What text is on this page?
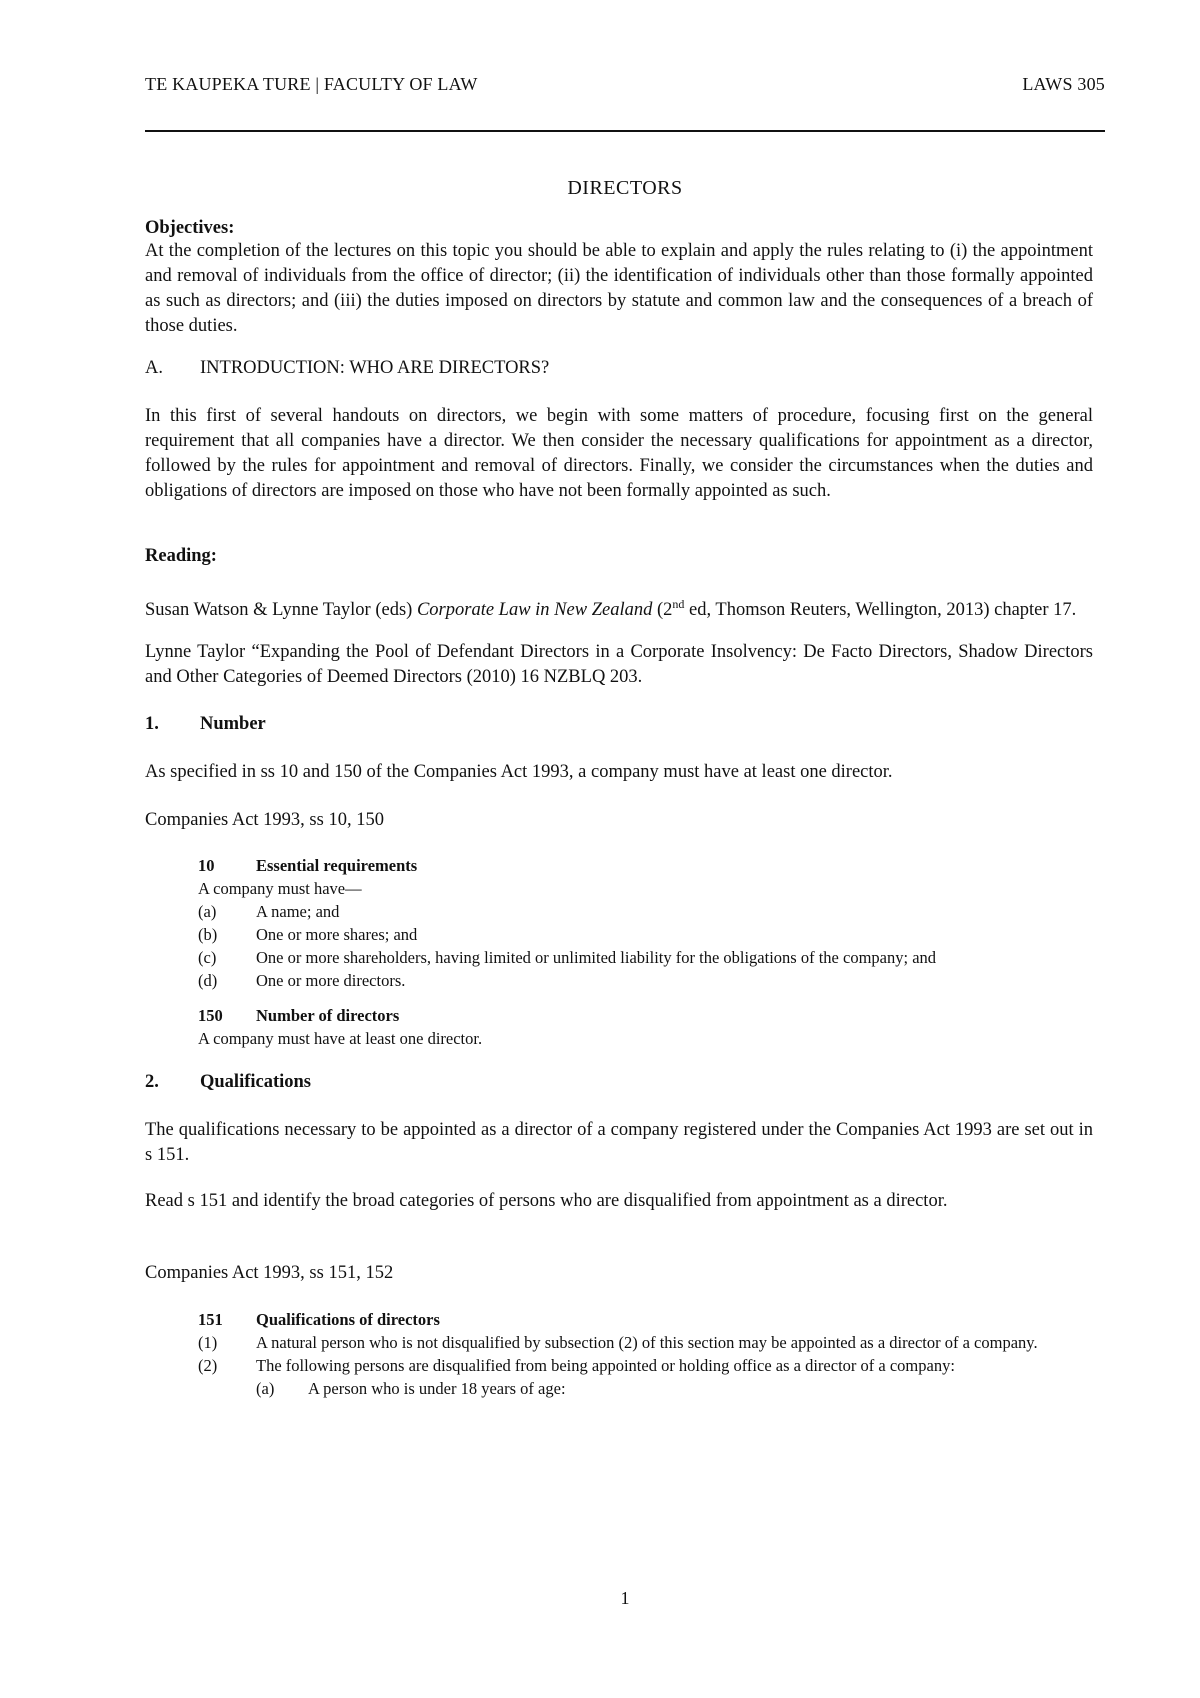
TE KAUPEKA TURE | FACULTY OF LAW	LAWS 305
DIRECTORS
Objectives:
At the completion of the lectures on this topic you should be able to explain and apply the rules relating to (i) the appointment and removal of individuals from the office of director; (ii) the identification of individuals other than those formally appointed as such as directors; and (iii) the duties imposed on directors by statute and common law and the consequences of a breach of those duties.
A. INTRODUCTION: WHO ARE DIRECTORS?
In this first of several handouts on directors, we begin with some matters of procedure, focusing first on the general requirement that all companies have a director. We then consider the necessary qualifications for appointment as a director, followed by the rules for appointment and removal of directors. Finally, we consider the circumstances when the duties and obligations of directors are imposed on those who have not been formally appointed as such.
Reading:
Susan Watson & Lynne Taylor (eds) Corporate Law in New Zealand (2nd ed, Thomson Reuters, Wellington, 2013) chapter 17.
Lynne Taylor “Expanding the Pool of Defendant Directors in a Corporate Insolvency: De Facto Directors, Shadow Directors and Other Categories of Deemed Directors (2010) 16 NZBLQ 203.
1. Number
As specified in ss 10 and 150 of the Companies Act 1993, a company must have at least one director.
Companies Act 1993, ss 10, 150
10	Essential requirements
A company must have—
(a)	A name; and
(b)	One or more shares; and
(c)	One or more shareholders, having limited or unlimited liability for the obligations of the company; and
(d)	One or more directors.
150 Number of directors
A company must have at least one director.
2. Qualifications
The qualifications necessary to be appointed as a director of a company registered under the Companies Act 1993 are set out in s 151.
Read s 151 and identify the broad categories of persons who are disqualified from appointment as a director.
Companies Act 1993, ss 151, 152
151 Qualifications of directors
(1)	A natural person who is not disqualified by subsection (2) of this section may be appointed as a director of a company.
(2)	The following persons are disqualified from being appointed or holding office as a director of a company:
(a)	A person who is under 18 years of age:
1
